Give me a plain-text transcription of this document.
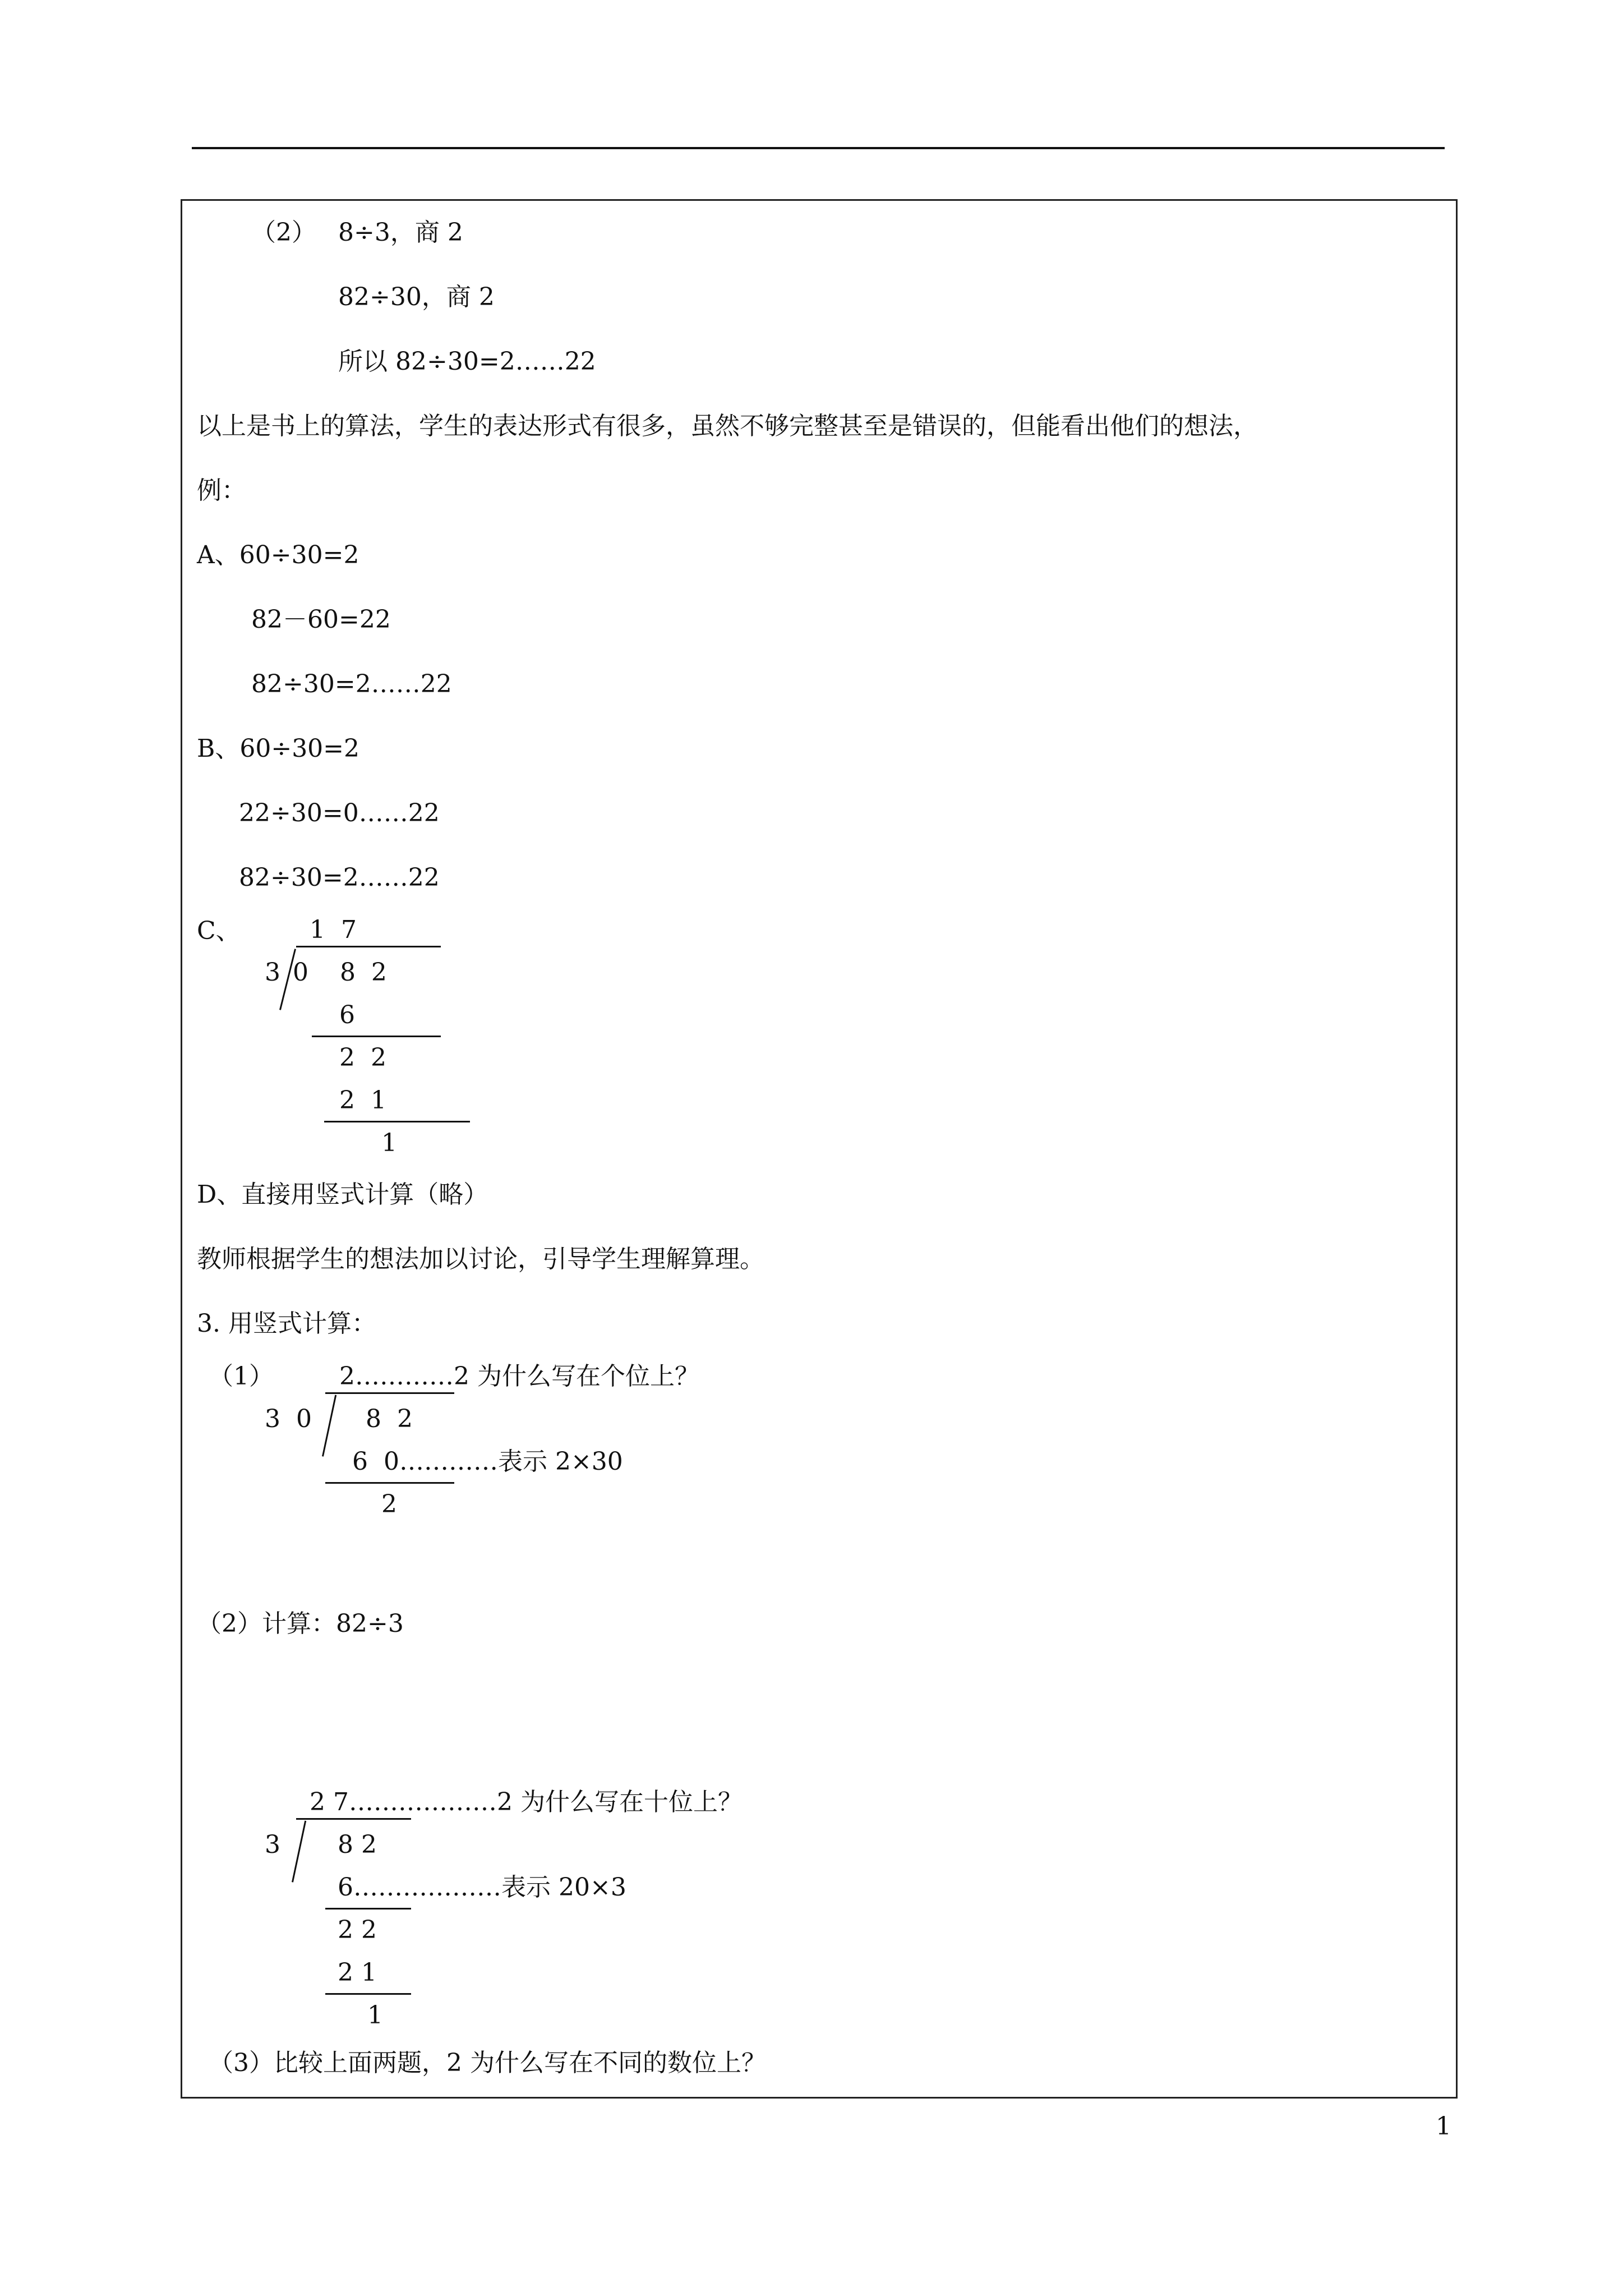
（2） 8÷3，商 2
82÷30，商 2
所以 82÷30=2……22
以上是书上的算法，学生的表达形式有很多，虽然不够完整甚至是错误的，但能看出他们的想法，
例：
A、60÷30=2
82－60=22
82÷30=2……22
B、60÷30=2
22÷30=0……22
82÷30=2……22
C、	1  7
3 0    8  2
6
2  2
2  1
1
D、直接用竖式计算（略）
教师根据学生的想法加以讨论，引导学生理解算理。
3. 用竖式计算：
（1）	2…………2 为什么写在个位上？
3  0 8  2
6  0…………表示 2×30
2
（2）计算：82÷3
2 7………………2 为什么写在十位上？
3 8 2
6………………表示 20×3
2 2
2 1
1
（3）比较上面两题，2 为什么写在不同的数位上？
1
